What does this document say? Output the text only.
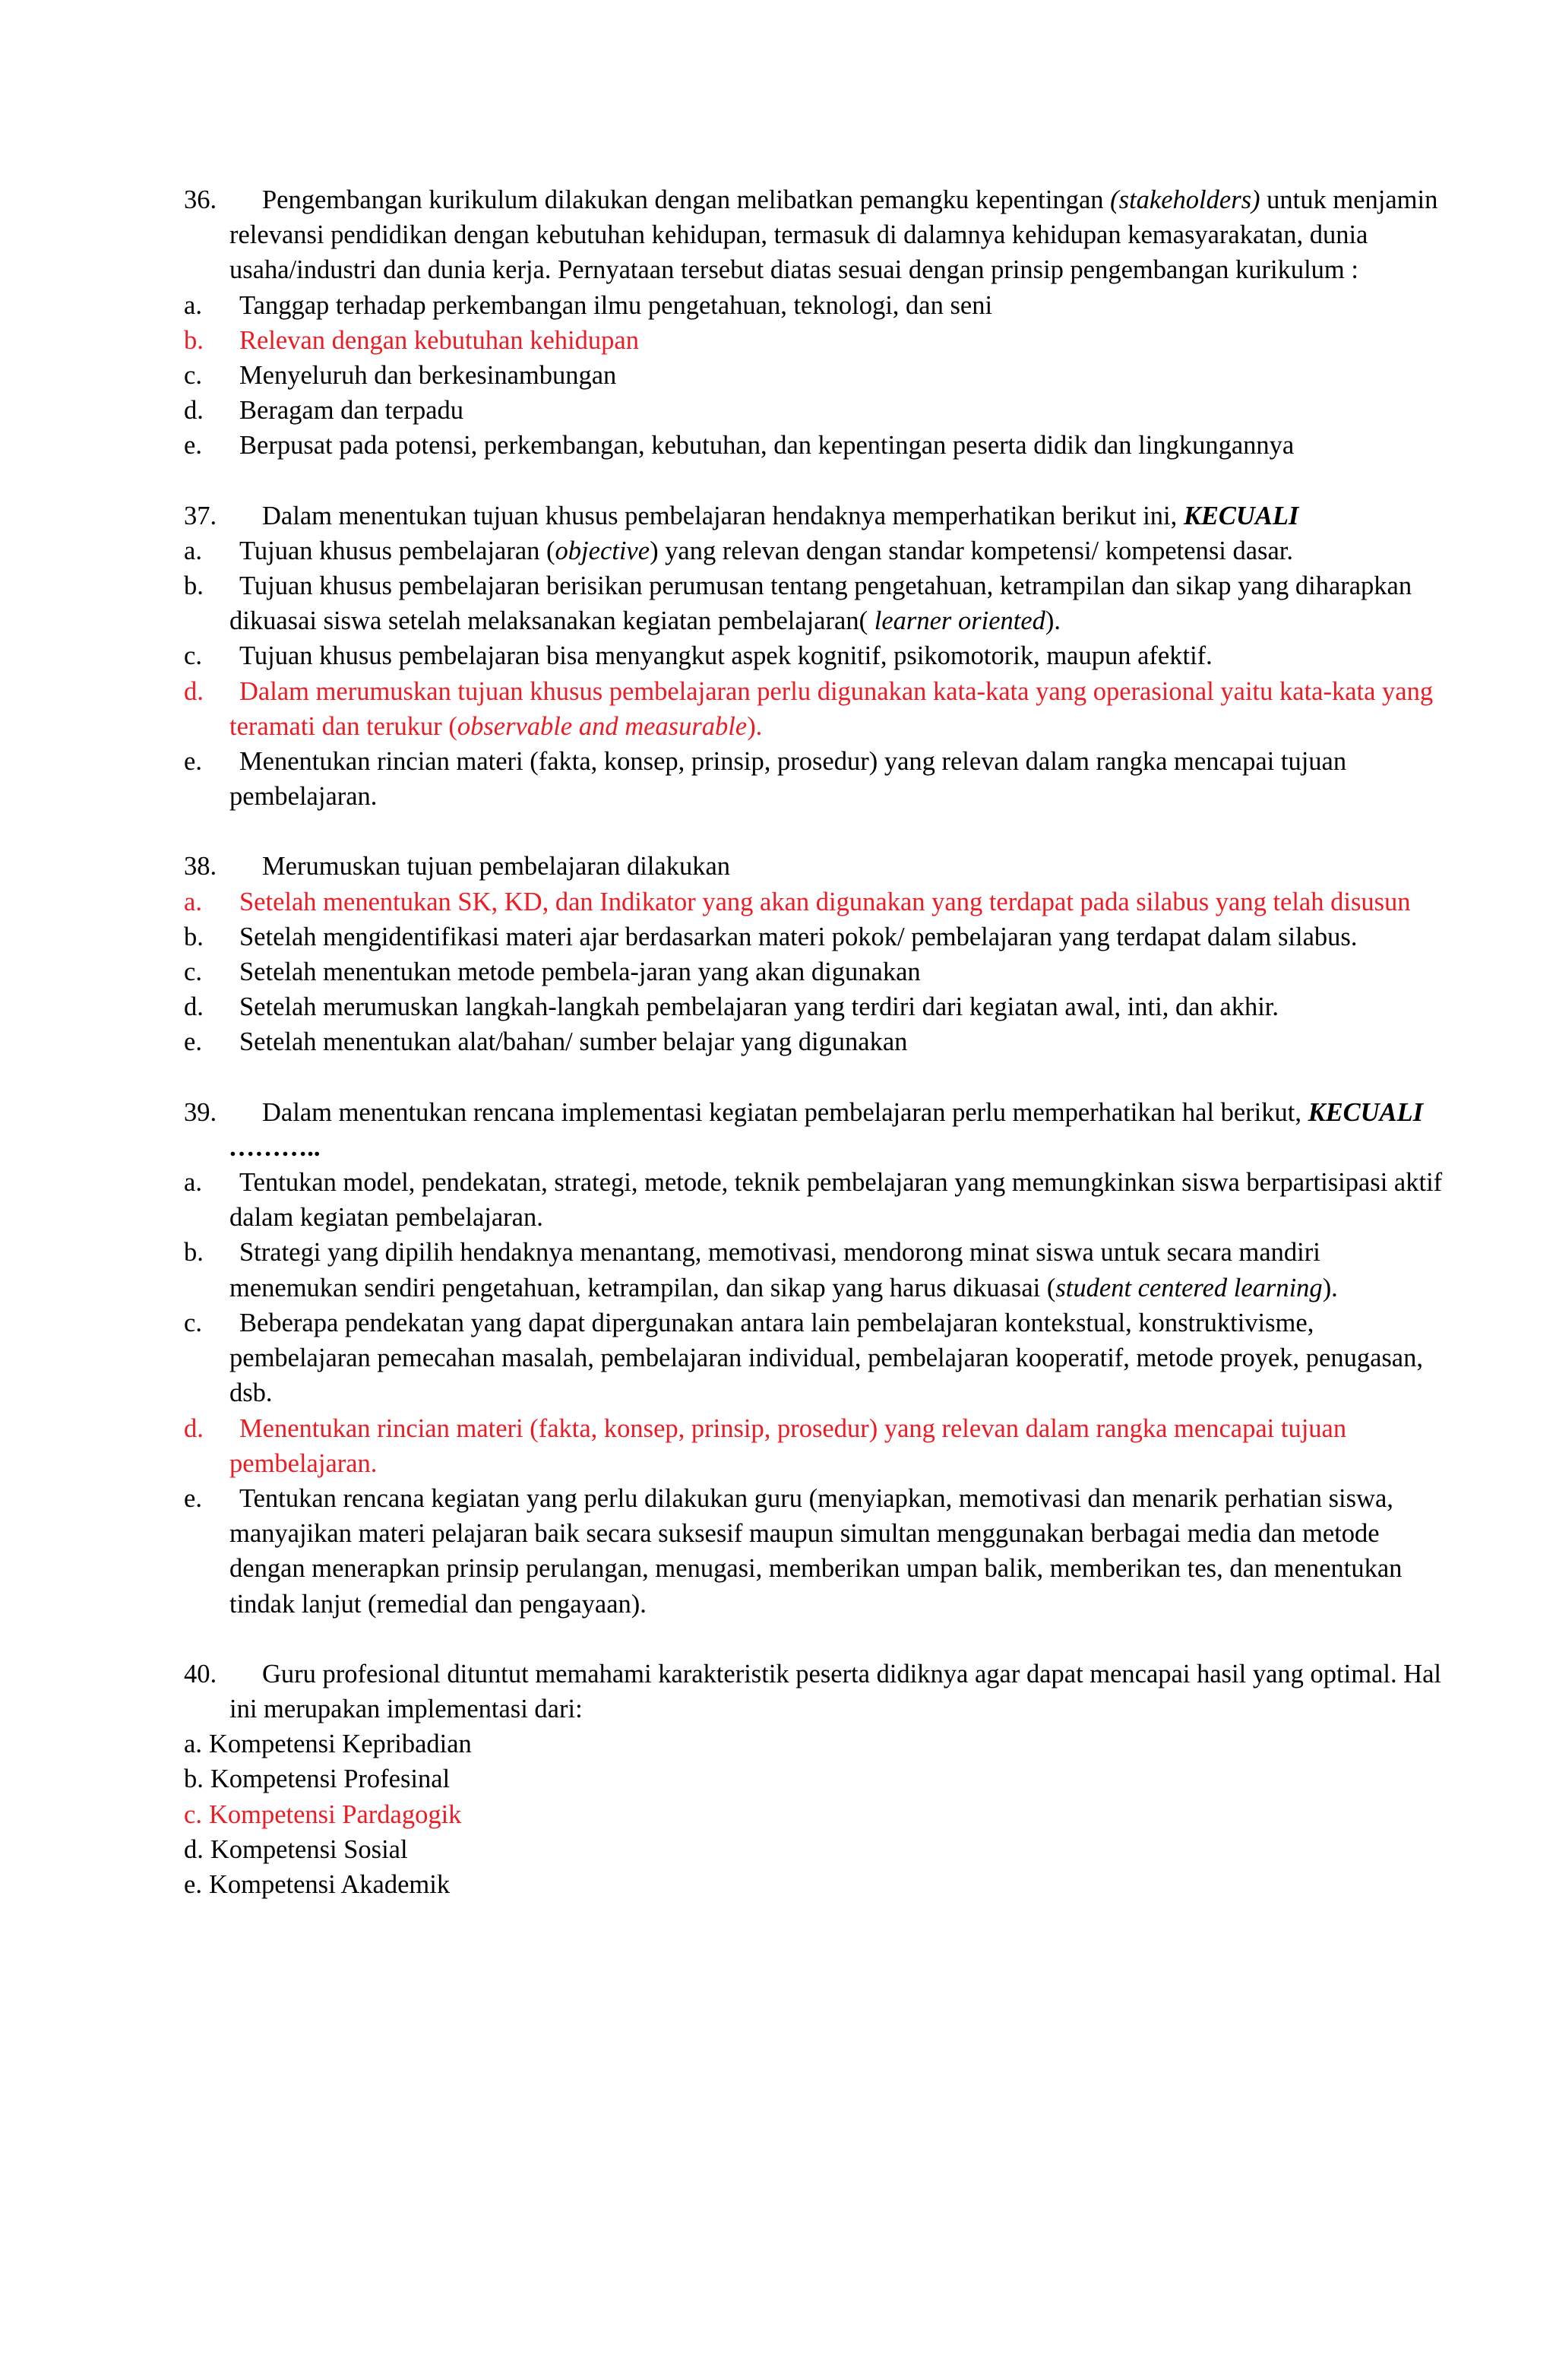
36. Pengembangan kurikulum dilakukan dengan melibatkan pemangku kepentingan (stakeholders) untuk menjamin relevansi pendidikan dengan kebutuhan kehidupan, termasuk di dalamnya kehidupan kemasyarakatan, dunia usaha/industri dan dunia kerja. Pernyataan tersebut diatas sesuai dengan prinsip pengembangan kurikulum :
a. Tanggap terhadap perkembangan ilmu pengetahuan, teknologi, dan seni
b. Relevan dengan kebutuhan kehidupan
c. Menyeluruh dan berkesinambungan
d. Beragam dan terpadu
e. Berpusat pada potensi, perkembangan, kebutuhan, dan kepentingan peserta didik dan lingkungannya
37. Dalam menentukan tujuan khusus pembelajaran hendaknya memperhatikan berikut ini, KECUALI
a. Tujuan khusus pembelajaran (objective) yang relevan dengan standar kompetensi/ kompetensi dasar.
b. Tujuan khusus pembelajaran berisikan perumusan tentang pengetahuan, ketrampilan dan sikap yang diharapkan dikuasai siswa setelah melaksanakan kegiatan pembelajaran( learner oriented).
c. Tujuan khusus pembelajaran bisa menyangkut aspek kognitif, psikomotorik, maupun afektif.
d. Dalam merumuskan tujuan khusus pembelajaran perlu digunakan kata-kata yang operasional yaitu kata-kata yang teramati dan terukur (observable and measurable).
e. Menentukan rincian materi (fakta, konsep, prinsip, prosedur) yang relevan dalam rangka mencapai tujuan pembelajaran.
38. Merumuskan tujuan pembelajaran dilakukan
a. Setelah menentukan SK, KD, dan Indikator yang akan digunakan yang terdapat pada silabus yang telah disusun
b. Setelah mengidentifikasi materi ajar berdasarkan materi pokok/ pembelajaran yang terdapat dalam silabus.
c. Setelah menentukan metode pembela-jaran yang akan digunakan
d. Setelah merumuskan langkah-langkah pembelajaran yang terdiri dari kegiatan awal, inti, dan akhir.
e. Setelah menentukan alat/bahan/ sumber belajar yang digunakan
39. Dalam menentukan rencana implementasi kegiatan pembelajaran perlu memperhatikan hal berikut, KECUALI ………..
a. Tentukan model, pendekatan, strategi, metode, teknik pembelajaran yang memungkinkan siswa berpartisipasi aktif dalam kegiatan pembelajaran.
b. Strategi yang dipilih hendaknya menantang, memotivasi, mendorong minat siswa untuk secara mandiri menemukan sendiri pengetahuan, ketrampilan, dan sikap yang harus dikuasai (student centered learning).
c. Beberapa pendekatan yang dapat dipergunakan antara lain pembelajaran kontekstual, konstruktivisme, pembelajaran pemecahan masalah, pembelajaran individual, pembelajaran kooperatif, metode proyek, penugasan, dsb.
d. Menentukan rincian materi (fakta, konsep, prinsip, prosedur) yang relevan dalam rangka mencapai tujuan pembelajaran.
e. Tentukan rencana kegiatan yang perlu dilakukan guru (menyiapkan, memotivasi dan menarik perhatian siswa, manyajikan materi pelajaran baik secara suksesif maupun simultan menggunakan berbagai media dan metode dengan menerapkan prinsip perulangan, menugasi, memberikan umpan balik, memberikan tes, dan menentukan tindak lanjut (remedial dan pengayaan).
40. Guru profesional dituntut memahami karakteristik peserta didiknya agar dapat mencapai hasil yang optimal. Hal ini merupakan implementasi dari:
a. Kompetensi Kepribadian
b. Kompetensi Profesinal
c. Kompetensi Pardagogik
d. Kompetensi Sosial
e. Kompetensi Akademik
